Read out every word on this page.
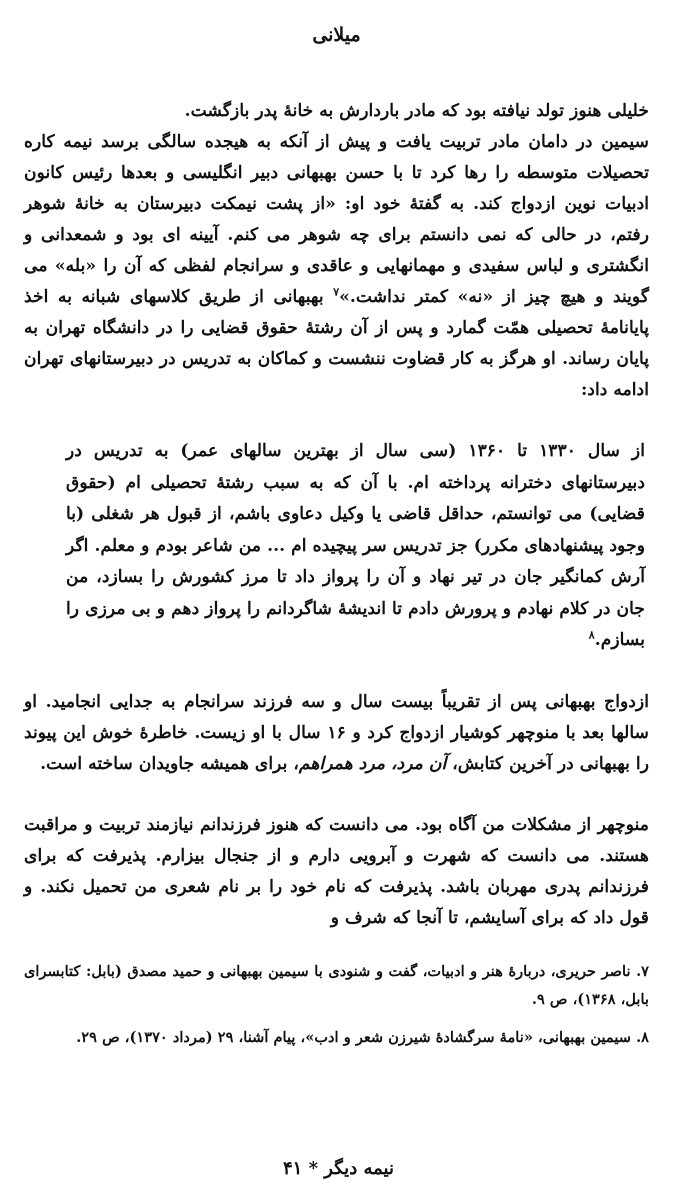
میلانی

خلیلی هنوز تولد نیافته بود که مادر باردارش به خانهٔ پدر بازگشت.

سیمین در دامان مادر تربیت یافت و پیش از آنکه به هیجده سالگی برسد نیمه کاره تحصیلات متوسطه را رها کرد تا با حسن بهبهانی دبیر انگلیسی و بعدها رئیس کانون ادبیات نوین ازدواج کند. به گفتهٔ خود او: «از پشت نیمکت دبیرستان به خانهٔ شوهر رفتم، در حالی که نمی دانستم برای چه شوهر می کنم. آیینه ای بود و شمعدانی و انگشتری و لباس سفیدی و مهمانهایی و عاقدی و سرانجام لفظی که آن را «بله» می گویند و هیچ چیز از «نه» کمتر نداشت.»$^۷$ بهبهانی از طریق کلاسهای شبانه به اخذ پایانامهٔ تحصیلی همّت گمارد و پس از آن رشتهٔ حقوق قضایی را در دانشگاه تهران به پایان رساند. او هرگز به کار قضاوت ننشست و کماکان به تدریس در دبیرستانهای تهران ادامه داد:

از سال ۱۳۳۰ تا ۱۳۶۰ (سی سال از بهترین سالهای عمر) به تدریس در دبیرستانهای دخترانه پرداخته ام. با آن که به سبب رشتهٔ تحصیلی ام (حقوق قضایی) می توانستم، حداقل قاضی یا وکیل دعاوی باشم، از قبول هر شغلی (با وجود پیشنهادهای مکرر) جز تدریس سر پیچیده ام ... من شاعر بودم و معلم. اگر آرش کمانگیر جان در تیر نهاد و آن را پرواز داد تا مرز کشورش را بسازد، من جان در کلام نهادم و پرورش دادم تا اندیشهٔ شاگردانم را پرواز دهم و بی مرزی را بسازم.$^۸$

ازدواج بهبهانی پس از تقریباً بیست سال و سه فرزند سرانجام به جدایی انجامید. او سالها بعد با منوچهر کوشیار ازدواج کرد و ۱۶ سال با او زیست. خاطرهٔ خوش این پیوند را بهبهانی در آخرین کتابش، آن مرد، مرد همراهم، برای همیشه جاویدان ساخته است.

منوچهر از مشکلات من آگاه بود. می دانست که هنوز فرزندانم نیازمند تربیت و مراقبت هستند. می دانست که شهرت و آبرویی دارم و از جنجال بیزارم. پذیرفت که برای فرزندانم پدری مهربان باشد. پذیرفت که نام خود را بر نام شعری من تحمیل نکند. و قول داد که برای آسایشم، تا آنجا که شرف و

۷. ناصر حریری، دربارهٔ هنر و ادبیات، گفت و شنودی با سیمین بهبهانی و حمید مصدق (بابل: کتابسرای بابل، ۱۳۶۸)، ص ۹.

۸. سیمین بهبهانی، «نامهٔ سرگشادهٔ شیرزن شعر و ادب»، پیام آشنا، ۲۹ (مرداد ۱۳۷۰)، ص ۲۹.

نیمه دیگر * ۴۱
